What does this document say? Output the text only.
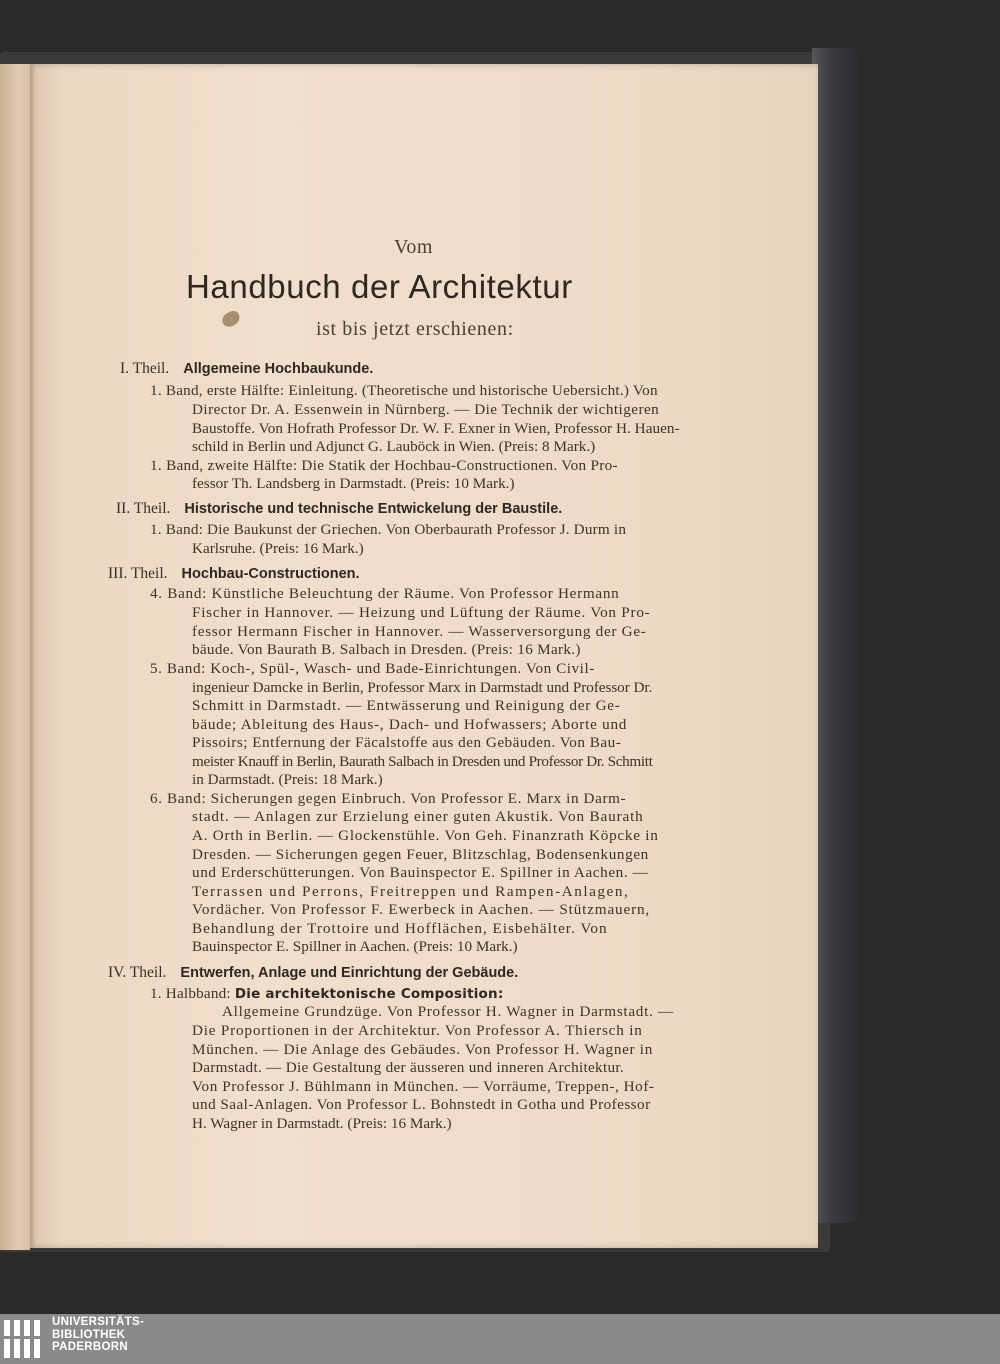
Vom
Handbuch der Architektur
ist bis jetzt erschienen:
I. Theil. Allgemeine Hochbaukunde.
1. Band, erste Hälfte: Einleitung. (Theoretische und historische Uebersicht.) Von
Director Dr. A. Essenwein in Nürnberg. — Die Technik der wichtigeren
Baustoffe. Von Hofrath Professor Dr. W. F. Exner in Wien, Professor H. Hauen-
schild in Berlin und Adjunct G. Lauböck in Wien. (Preis: 8 Mark.)
1. Band, zweite Hälfte: Die Statik der Hochbau-Constructionen. Von Pro-
fessor Th. Landsberg in Darmstadt. (Preis: 10 Mark.)
II. Theil. Historische und technische Entwickelung der Baustile.
1. Band: Die Baukunst der Griechen. Von Oberbaurath Professor J. Durm in
Karlsruhe. (Preis: 16 Mark.)
III. Theil. Hochbau-Constructionen.
4. Band: Künstliche Beleuchtung der Räume. Von Professor Hermann
Fischer in Hannover. — Heizung und Lüftung der Räume. Von Pro-
fessor Hermann Fischer in Hannover. — Wasserversorgung der Ge-
bäude. Von Baurath B. Salbach in Dresden. (Preis: 16 Mark.)
5. Band: Koch-, Spül-, Wasch- und Bade-Einrichtungen. Von Civil-
ingenieur Damcke in Berlin, Professor Marx in Darmstadt und Professor Dr.
Schmitt in Darmstadt. — Entwässerung und Reinigung der Ge-
bäude; Ableitung des Haus-, Dach- und Hofwassers; Aborte und
Pissoirs; Entfernung der Fäcalstoffe aus den Gebäuden. Von Bau-
meister Knauff in Berlin, Baurath Salbach in Dresden und Professor Dr. Schmitt
in Darmstadt. (Preis: 18 Mark.)
6. Band: Sicherungen gegen Einbruch. Von Professor E. Marx in Darm-
stadt. — Anlagen zur Erzielung einer guten Akustik. Von Baurath
A. Orth in Berlin. — Glockenstühle. Von Geh. Finanzrath Köpcke in
Dresden. — Sicherungen gegen Feuer, Blitzschlag, Bodensenkungen
und Erderschütterungen. Von Bauinspector E. Spillner in Aachen. —
Terrassen und Perrons, Freitreppen und Rampen-Anlagen,
Vordächer. Von Professor F. Ewerbeck in Aachen. — Stützmauern,
Behandlung der Trottoire und Hofflächen, Eisbehälter. Von
Bauinspector E. Spillner in Aachen. (Preis: 10 Mark.)
IV. Theil. Entwerfen, Anlage und Einrichtung der Gebäude.
1. Halbband: Die architektonische Composition:
Allgemeine Grundzüge. Von Professor H. Wagner in Darmstadt. —
Die Proportionen in der Architektur. Von Professor A. Thiersch in
München. — Die Anlage des Gebäudes. Von Professor H. Wagner in
Darmstadt. — Die Gestaltung der äusseren und inneren Architektur.
Von Professor J. Bühlmann in München. — Vorräume, Treppen-, Hof-
und Saal-Anlagen. Von Professor L. Bohnstedt in Gotha und Professor
H. Wagner in Darmstadt. (Preis: 16 Mark.)
UNIVERSITÄTS-
BIBLIOTHEK
PADERBORN
